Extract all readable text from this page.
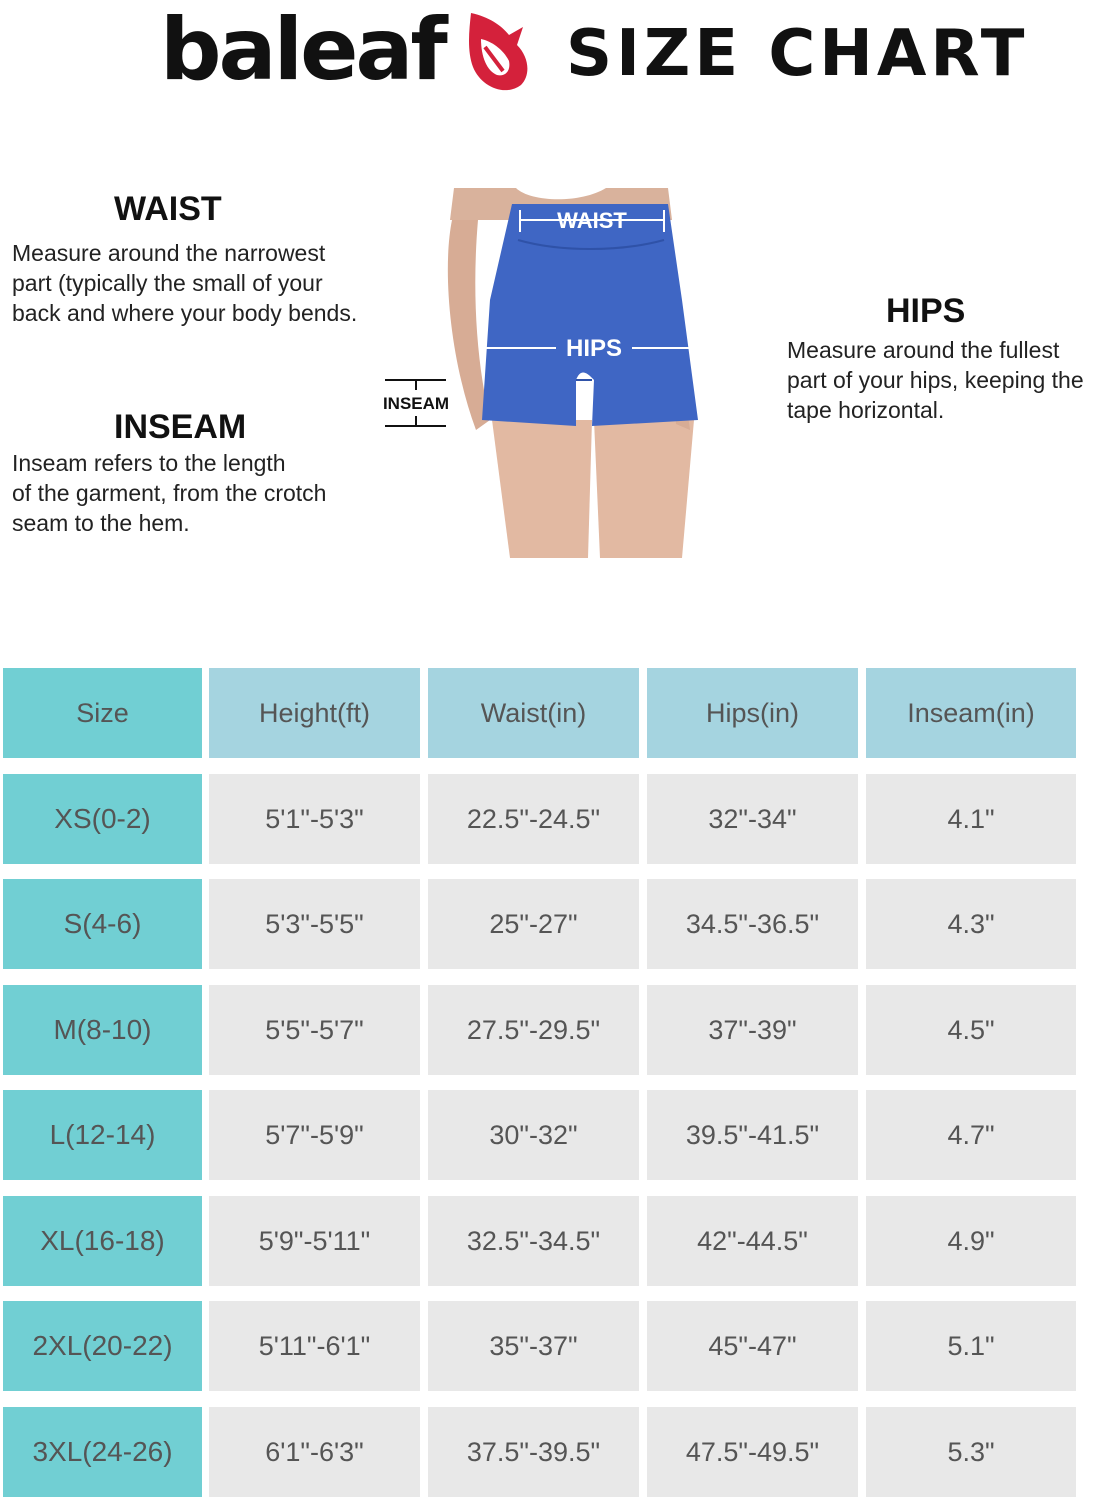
baleaf SIZE CHART
WAIST

Measure around the narrowest
part (typically the small of your
back and where your body bends.

INSEAM

Inseam refers to the length
of the garment, from the crotch
seam to the hem.

HIPS

Measure around the fullest
part of your hips, keeping the
tape horizontal.

WAIST
HIPS
INSEAM
Size	Height(ft)	Waist(in)	Hips(in)	Inseam(in)
XS(0-2)	5'1"-5'3"	22.5"-24.5"	32"-34"	4.1"
S(4-6)	5'3"-5'5"	25"-27"	34.5"-36.5"	4.3"
M(8-10)	5'5"-5'7"	27.5"-29.5"	37"-39"	4.5"
L(12-14)	5'7"-5'9"	30"-32"	39.5"-41.5"	4.7"
XL(16-18)	5'9"-5'11"	32.5"-34.5"	42"-44.5"	4.9"
2XL(20-22)	5'11"-6'1"	35"-37"	45"-47"	5.1"
3XL(24-26)	6'1"-6'3"	37.5"-39.5"	47.5"-49.5"	5.3"
